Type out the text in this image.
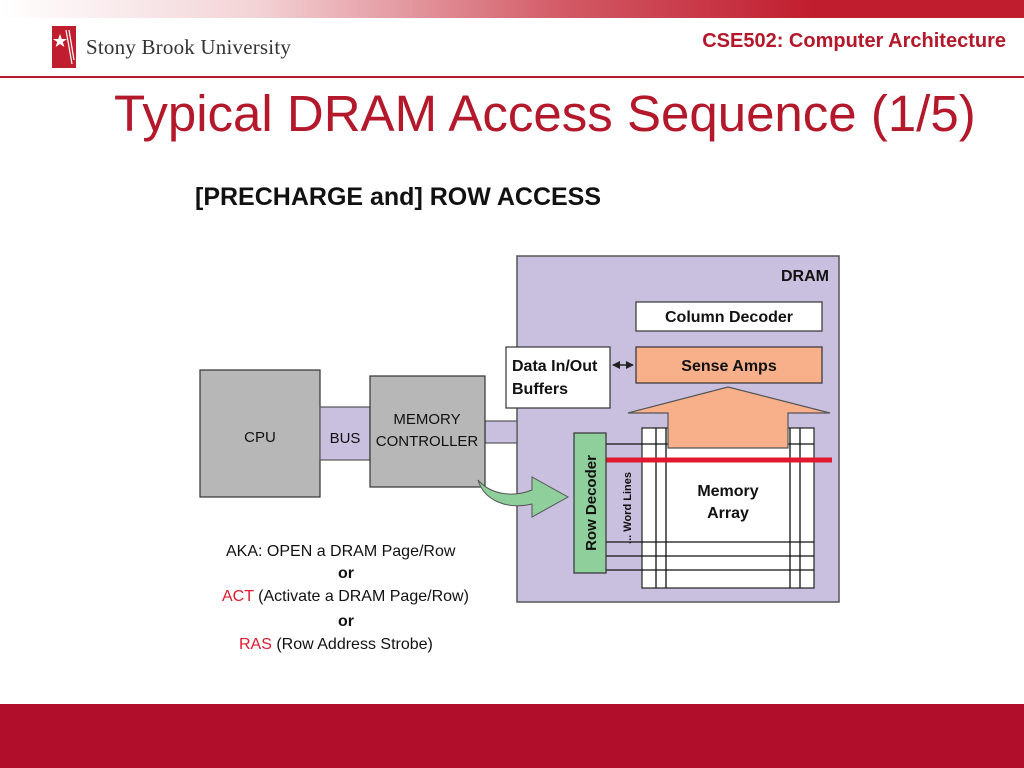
Stony Brook University	CSE502: Computer Architecture
Typical DRAM Access Sequence (1/5)
[PRECHARGE and] ROW ACCESS
DRAM
Column Decoder
Sense Amps
Data In/Out
Buffers
Memory
Array
Row Decoder ... Word Lines
CPU	BUS
MEMORY
CONTROLLER
AKA: OPEN a DRAM Page/Row
or
ACT (Activate a DRAM Page/Row)
or
RAS (Row Address Strobe)
